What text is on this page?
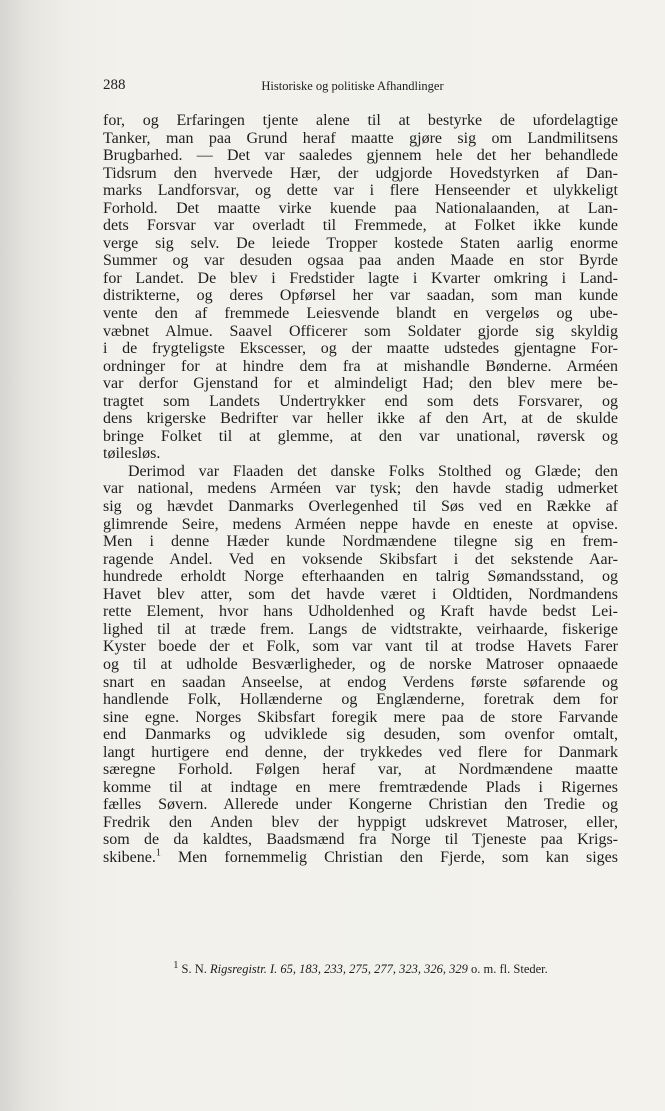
288	Historiske og politiske Afhandlinger
for, og Erfaringen tjente alene til at bestyrke de ufordelagtige
Tanker, man paa Grund heraf maatte gjøre sig om Landmilitsens
Brugbarhed. — Det var saaledes gjennem hele det her behandlede
Tidsrum den hvervede Hær, der udgjorde Hovedstyrken af Dan-
marks Landforsvar, og dette var i flere Henseender et ulykkeligt
Forhold. Det maatte virke kuende paa Nationalaanden, at Lan-
dets Forsvar var overladt til Fremmede, at Folket ikke kunde
verge sig selv. De leiede Tropper kostede Staten aarlig enorme
Summer og var desuden ogsaa paa anden Maade en stor Byrde
for Landet. De blev i Fredstider lagte i Kvarter omkring i Land-
distrikterne, og deres Opførsel her var saadan, som man kunde
vente den af fremmede Leiesvende blandt en vergeløs og ube-
væbnet Almue. Saavel Officerer som Soldater gjorde sig skyldig
i de frygteligste Ekscesser, og der maatte udstedes gjentagne For-
ordninger for at hindre dem fra at mishandle Bønderne. Arméen
var derfor Gjenstand for et almindeligt Had; den blev mere be-
tragtet som Landets Undertrykker end som dets Forsvarer, og
dens krigerske Bedrifter var heller ikke af den Art, at de skulde
bringe Folket til at glemme, at den var unational, røversk og
tøilesløs.
Derimod var Flaaden det danske Folks Stolthed og Glæde; den
var national, medens Arméen var tysk; den havde stadig udmerket
sig og hævdet Danmarks Overlegenhed til Søs ved en Række af
glimrende Seire, medens Arméen neppe havde en eneste at opvise.
Men i denne Hæder kunde Nordmændene tilegne sig en frem-
ragende Andel. Ved en voksende Skibsfart i det sekstende Aar-
hundrede erholdt Norge efterhaanden en talrig Sømandsstand, og
Havet blev atter, som det havde været i Oldtiden, Nordmandens
rette Element, hvor hans Udholdenhed og Kraft havde bedst Lei-
lighed til at træde frem. Langs de vidtstrakte, veirhaarde, fiskerige
Kyster boede der et Folk, som var vant til at trodse Havets Farer
og til at udholde Besværligheder, og de norske Matroser opnaaede
snart en saadan Anseelse, at endog Verdens første søfarende og
handlende Folk, Hollænderne og Englænderne, foretrak dem for
sine egne. Norges Skibsfart foregik mere paa de store Farvande
end Danmarks og udviklede sig desuden, som ovenfor omtalt,
langt hurtigere end denne, der trykkedes ved flere for Danmark
særegne Forhold. Følgen heraf var, at Nordmændene maatte
komme til at indtage en mere fremtrædende Plads i Rigernes
fælles Søvern. Allerede under Kongerne Christian den Tredie og
Fredrik den Anden blev der hyppigt udskrevet Matroser, eller,
som de da kaldtes, Baadsmænd fra Norge til Tjeneste paa Krigs-
skibene.$^1$ Men fornemmelig Christian den Fjerde, som kan siges
$^1$ S. N. Rigsregistr. I. 65, 183, 233, 275, 277, 323, 326, 329 o. m. fl. Steder.
